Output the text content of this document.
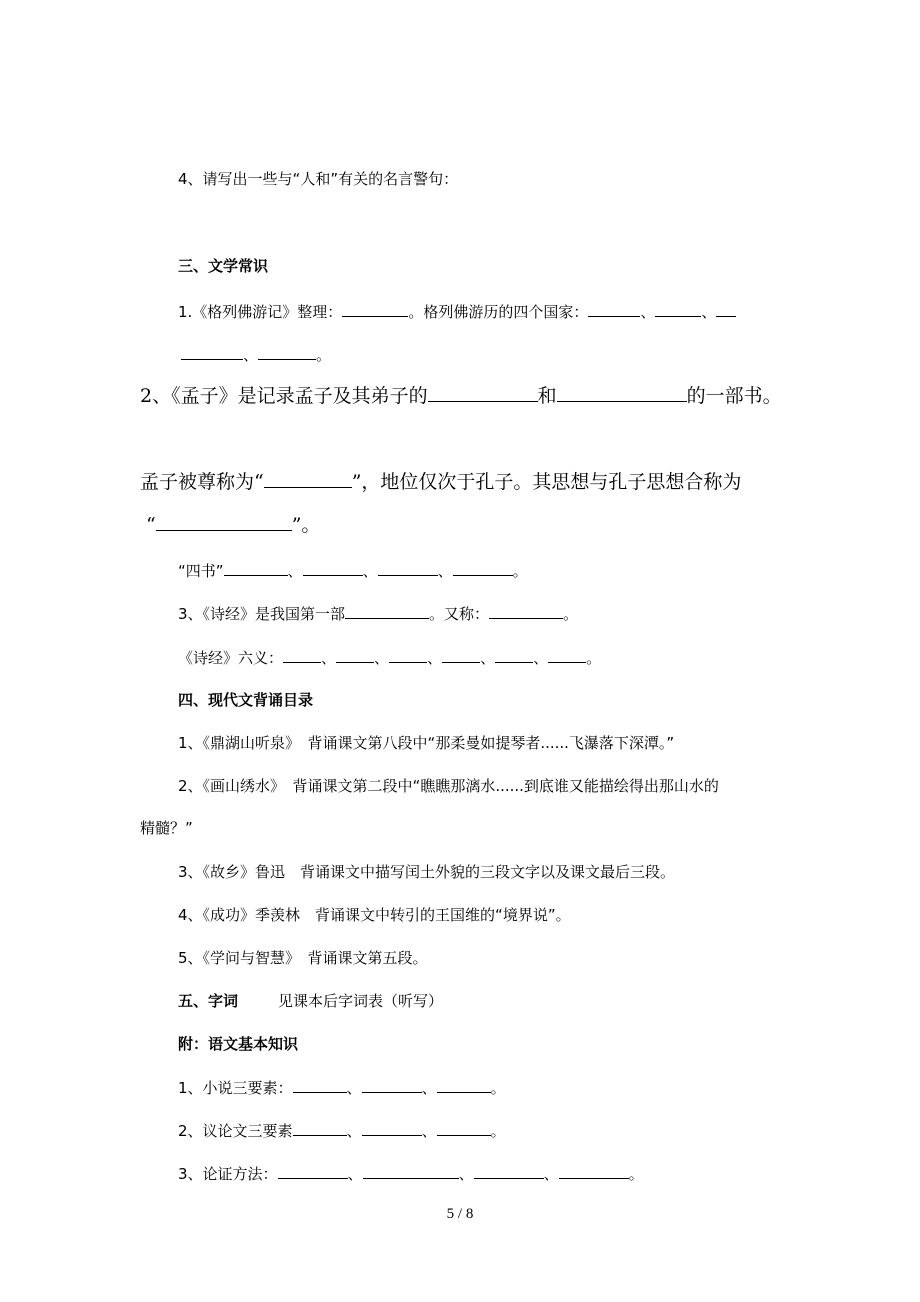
4、请写出一些与“人和”有关的名言警句：
三、文学常识
1.《格列佛游记》整理：	。格列佛游历的四个国家：	、	、
、	。
2、《孟子》是记录孟子及其弟子的	和	的一部书。
孟子被尊称为“	”，地位仅次于孔子。其思想与孔子思想合称为
“	”。
“四书”	、	、	、	。
3、《诗经》是我国第一部	。又称：	。
《诗经》六义：	、	、	、	、	、	。
四、现代文背诵目录
1、《鼎湖山听泉》　背诵课文第八段中“那柔曼如提琴者......飞瀑落下深潭。”
2、《画山绣水》　背诵课文第二段中“瞧瞧那漓水......到底谁又能描绘得出那山水的
精髓？”
3、《故乡》鲁迅　背诵课文中描写闰土外貌的三段文字以及课文最后三段。
4、《成功》季羡林　背诵课文中转引的王国维的“境界说”。
5、《学问与智慧》　背诵课文第五段。
五、字词	见课本后字词表（听写）
附：语文基本知识
1、小说三要素：	、	、	。
2、议论文三要素	、	、	。
3、论证方法：	、	、	、	。
5 / 8
